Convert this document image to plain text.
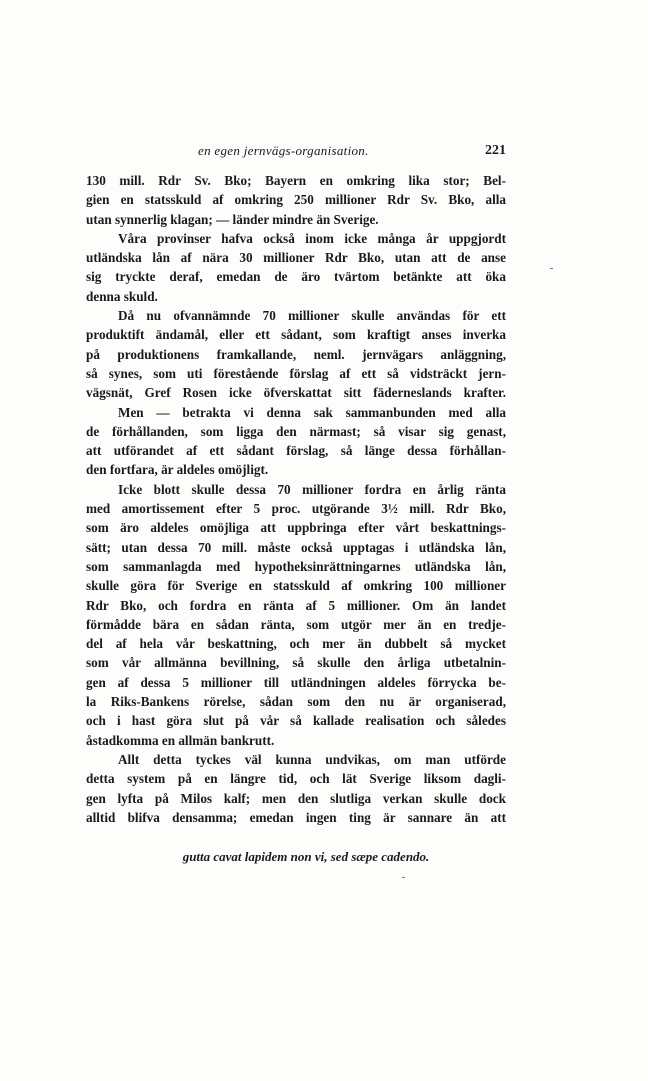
en egen jernvägs-organisation.	221
130 mill. Rdr Sv. Bko; Bayern en omkring lika stor; Bel-
gien en statsskuld af omkring 250 millioner Rdr Sv. Bko, alla
utan synnerlig klagan; — länder mindre än Sverige.
Våra provinser hafva också inom icke många år uppgjordt
utländska lån af nära 30 millioner Rdr Bko, utan att de anse
sig tryckte deraf, emedan de äro tvärtom betänkte att öka
denna skuld.
Då nu ofvannämnde 70 millioner skulle användas för ett
produktift ändamål, eller ett sådant, som kraftigt anses inverka
på produktionens framkallande, neml. jernvägars anläggning,
så synes, som uti förestående förslag af ett så vidsträckt jern-
vägsnät, Gref Rosen icke öfverskattat sitt fäderneslands krafter.
Men — betrakta vi denna sak sammanbunden med alla
de förhållanden, som ligga den närmast; så visar sig genast,
att utförandet af ett sådant förslag, så länge dessa förhållan-
den fortfara, är aldeles omöjligt.
Icke blott skulle dessa 70 millioner fordra en årlig ränta
med amortissement efter 5 proc. utgörande 3½ mill. Rdr Bko,
som äro aldeles omöjliga att uppbringa efter vårt beskattnings-
sätt; utan dessa 70 mill. måste också upptagas i utländska lån,
som sammanlagda med hypotheksinrättningarnes utländska lån,
skulle göra för Sverige en statsskuld af omkring 100 millioner
Rdr Bko, och fordra en ränta af 5 millioner. Om än landet
förmådde bära en sådan ränta, som utgör mer än en tredje-
del af hela vår beskattning, och mer än dubbelt så mycket
som vår allmänna bevillning, så skulle den årliga utbetalnin-
gen af dessa 5 millioner till utländningen aldeles förrycka be-
la Riks-Bankens rörelse, sådan som den nu är organiserad,
och i hast göra slut på vår så kallade realisation och således
åstadkomma en allmän bankrutt.
Allt detta tyckes väl kunna undvikas, om man utförde
detta system på en längre tid, och lät Sverige liksom dagli-
gen lyfta på Milos kalf; men den slutliga verkan skulle dock
alltid blifva densamma; emedan ingen ting är sannare än att
gutta cavat lapidem non vi, sed sæpe cadendo.
